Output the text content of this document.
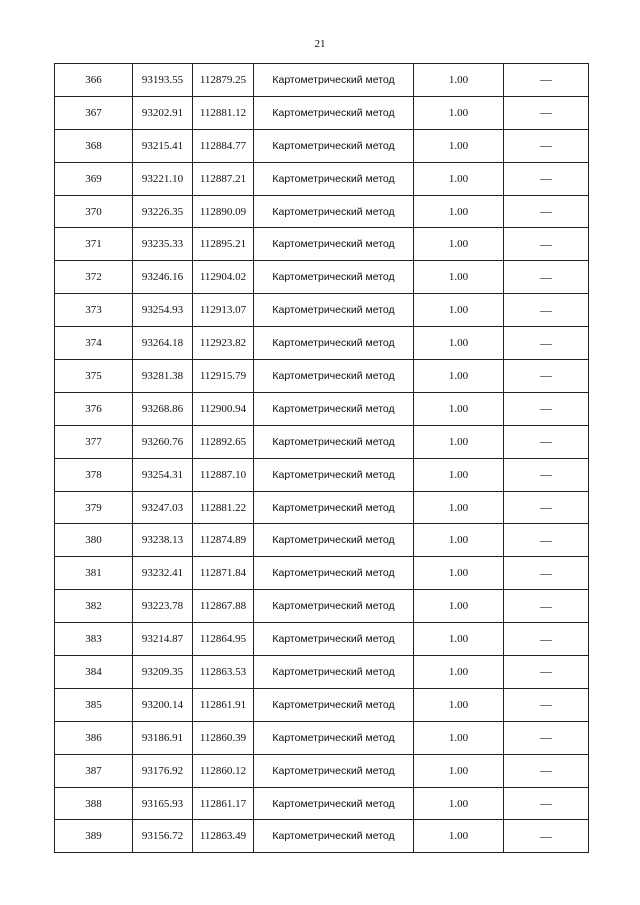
21
366	93193.55	112879.25	Картометрический метод	1.00	—
367	93202.91	112881.12	Картометрический метод	1.00	—
368	93215.41	112884.77	Картометрический метод	1.00	—
369	93221.10	112887.21	Картометрический метод	1.00	—
370	93226.35	112890.09	Картометрический метод	1.00	—
371	93235.33	112895.21	Картометрический метод	1.00	—
372	93246.16	112904.02	Картометрический метод	1.00	—
373	93254.93	112913.07	Картометрический метод	1.00	—
374	93264.18	112923.82	Картометрический метод	1.00	—
375	93281.38	112915.79	Картометрический метод	1.00	—
376	93268.86	112900.94	Картометрический метод	1.00	—
377	93260.76	112892.65	Картометрический метод	1.00	—
378	93254.31	112887.10	Картометрический метод	1.00	—
379	93247.03	112881.22	Картометрический метод	1.00	—
380	93238.13	112874.89	Картометрический метод	1.00	—
381	93232.41	112871.84	Картометрический метод	1.00	—
382	93223.78	112867.88	Картометрический метод	1.00	—
383	93214.87	112864.95	Картометрический метод	1.00	—
384	93209.35	112863.53	Картометрический метод	1.00	—
385	93200.14	112861.91	Картометрический метод	1.00	—
386	93186.91	112860.39	Картометрический метод	1.00	—
387	93176.92	112860.12	Картометрический метод	1.00	—
388	93165.93	112861.17	Картометрический метод	1.00	—
389	93156.72	112863.49	Картометрический метод	1.00	—
